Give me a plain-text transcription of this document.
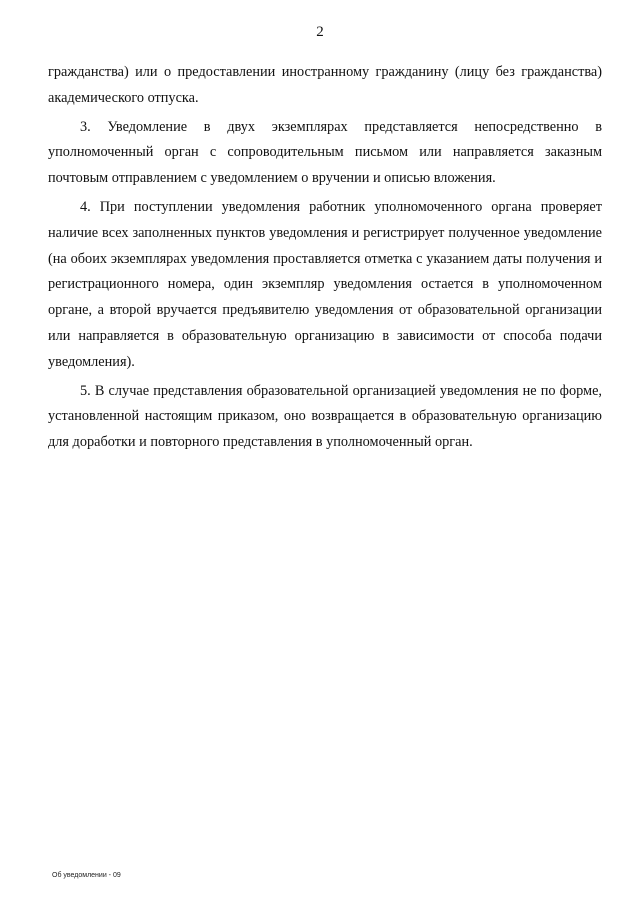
2

гражданства) или о предоставлении иностранному гражданину (лицу без гражданства) академического отпуска.

3. Уведомление в двух экземплярах представляется непосредственно в уполномоченный орган с сопроводительным письмом или направляется заказным почтовым отправлением с уведомлением о вручении и описью вложения.

4. При поступлении уведомления работник уполномоченного органа проверяет наличие всех заполненных пунктов уведомления и регистрирует полученное уведомление (на обоих экземплярах уведомления проставляется отметка с указанием даты получения и регистрационного номера, один экземпляр уведомления остается в уполномоченном органе, а второй вручается предъявителю уведомления от образовательной организации или направляется в образовательную организацию в зависимости от способа подачи уведомления).

5. В случае представления образовательной организацией уведомления не по форме, установленной настоящим приказом, оно возвращается в образовательную организацию для доработки и повторного представления в уполномоченный орган.

Об уведомлении - 09
